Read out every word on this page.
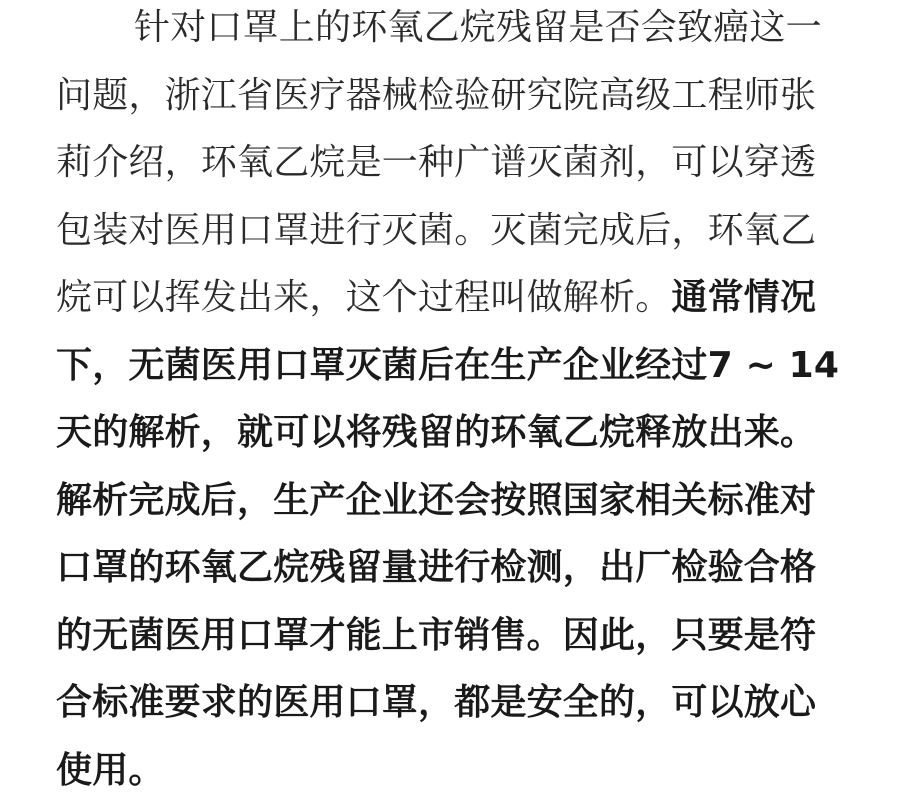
针对口罩上的环氧乙烷残留是否会致癌这一
问题，浙江省医疗器械检验研究院高级工程师张
莉介绍，环氧乙烷是一种广谱灭菌剂，可以穿透
包装对医用口罩进行灭菌。灭菌完成后，环氧乙
烷可以挥发出来，这个过程叫做解析。通常情况
下，无菌医用口罩灭菌后在生产企业经过7 ~ 14
天的解析，就可以将残留的环氧乙烷释放出来。
解析完成后，生产企业还会按照国家相关标准对
口罩的环氧乙烷残留量进行检测，出厂检验合格
的无菌医用口罩才能上市销售。因此，只要是符
合标准要求的医用口罩，都是安全的，可以放心
使用。
